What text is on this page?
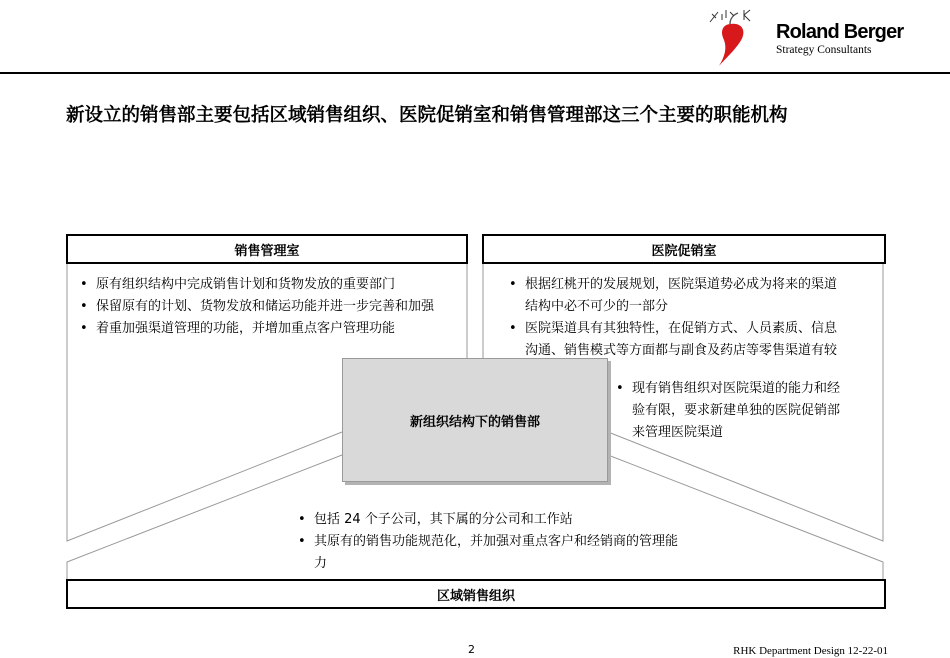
Roland Berger
Strategy Consultants
新设立的销售部主要包括区域销售组织、医院促销室和销售管理部这三个主要的职能机构
销售管理室
• 原有组织结构中完成销售计划和货物发放的重要部门
• 保留原有的计划、货物发放和储运功能并进一步完善和加强
• 着重加强渠道管理的功能，并增加重点客户管理功能
医院促销室
• 根据红桃开的发展规划，医院渠道势必成为将来的渠道结构中必不可少的一部分
• 医院渠道具有其独特性，在促销方式、人员素质、信息沟通、销售模式等方面都与副食及药店等零售渠道有较
• 现有销售组织对医院渠道的能力和经验有限，要求新建单独的医院促销部来管理医院渠道
新组织结构下的销售部
• 包括 24 个子公司，其下属的分公司和工作站
• 其原有的销售功能规范化，并加强对重点客户和经销商的管理能力
区域销售组织
2	RHK Department Design 12-22-01
